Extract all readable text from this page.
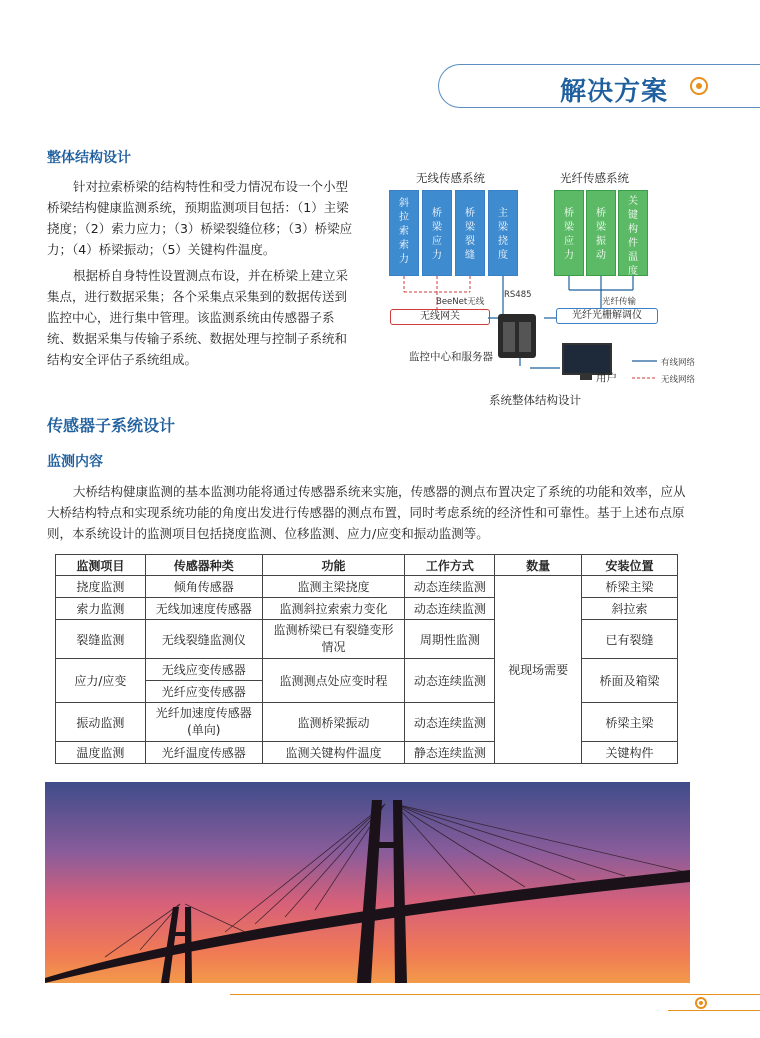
解决方案
整体结构设计

针对拉索桥梁的结构特性和受力情况布设一个小型桥梁结构健康监测系统，预期监测项目包括：（1）主梁挠度；（2）索力应力；（3）桥梁裂缝位移；（3）桥梁应力；（4）桥梁振动；（5）关键构件温度。

根据桥自身特性设置测点布设，并在桥梁上建立采集点，进行数据采集；各个采集点采集到的数据传送到监控中心，进行集中管理。该监测系统由传感器子系统、数据采集与传输子系统、数据处理与控制子系统和结构安全评估子系统组成。

无线传感系统	光纤传感系统
斜拉索索力
桥梁应力
桥梁裂缝
主梁挠度
桥梁应力
桥梁振动
关键构件温度
BeeNet无线
RS485
光纤传输
无线网关	光纤光栅解调仪
监控中心和服务器
用户
有线网络
无线网络
系统整体结构设计
传感器子系统设计
监测内容

大桥结构健康监测的基本监测功能将通过传感器系统来实施，传感器的测点布置决定了系统的功能和效率，应从大桥结构特点和实现系统功能的角度出发进行传感器的测点布置，同时考虑系统的经济性和可靠性。基于上述布点原则，本系统设计的监测项目包括挠度监测、位移监测、应力/应变和振动监测等。

监测项目	传感器种类	功能	工作方式	数量	安装位置
挠度监测	倾角传感器	监测主梁挠度	动态连续监测	视现场需要	桥梁主梁
索力监测	无线加速度传感器	监测斜拉索索力变化	动态连续监测		斜拉索
裂缝监测	无线裂缝监测仪	监测桥梁已有裂缝变形情况	周期性监测		已有裂缝
应力/应变	无线应变传感器	监测测点处应变时程	动态连续监测		桥面及箱梁
	光纤应变传感器				
振动监测	光纤加速度传感器(单向)	监测桥梁振动	动态连续监测		桥梁主梁
温度监测	光纤温度传感器	监测关键构件温度	静态连续监测		关键构件
